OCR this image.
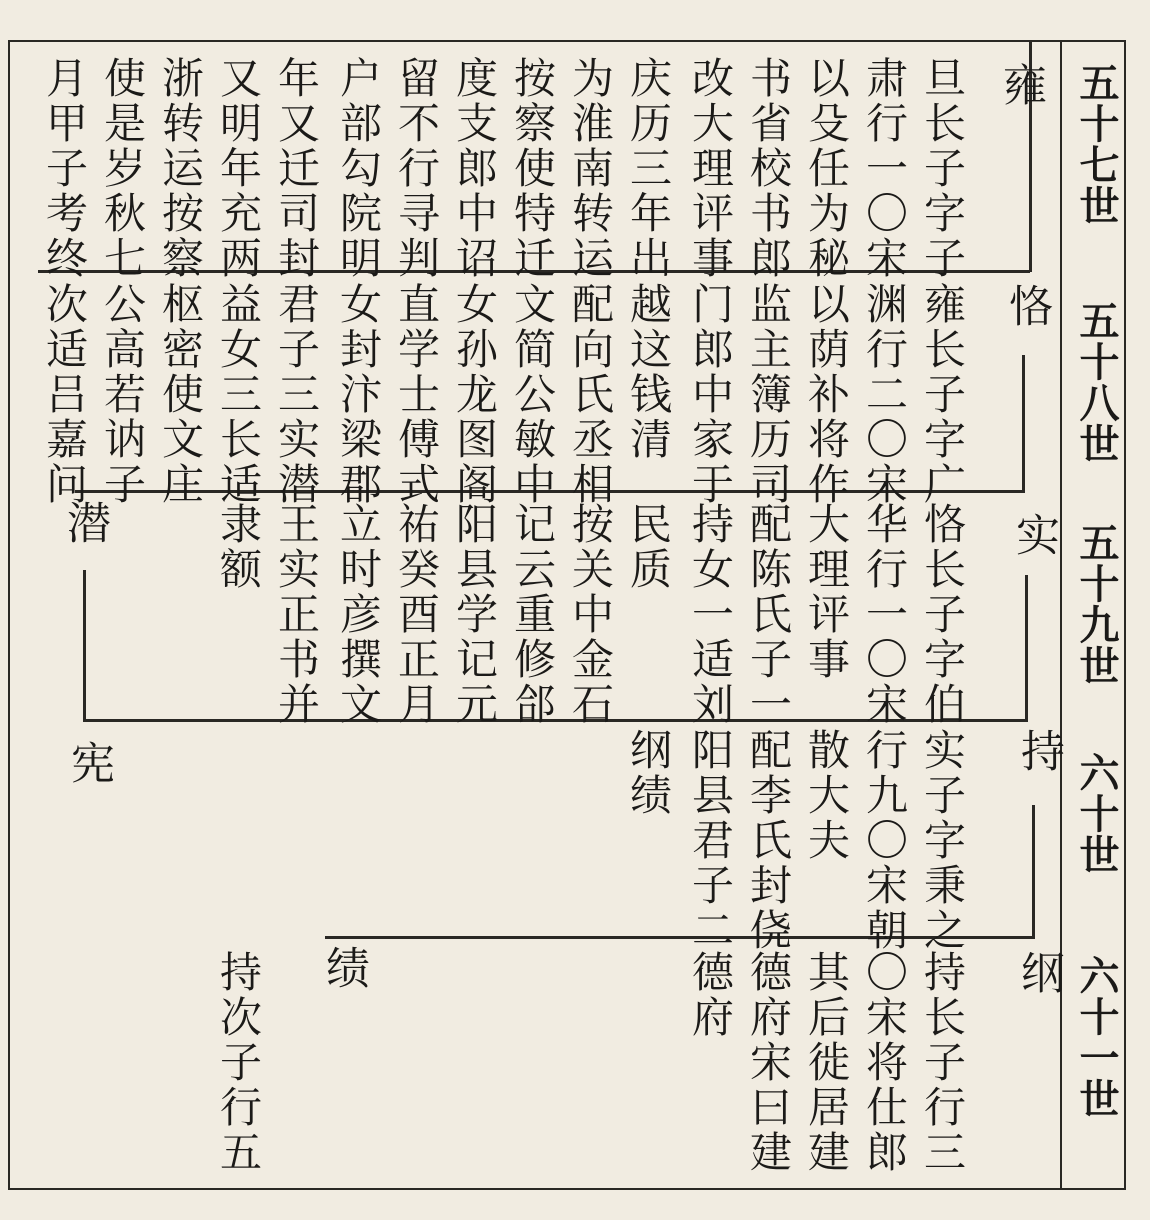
五十七世
五十八世
五十九世
六十世
六十一世
雍
恪
实
持
纲
潜
宪
绩
旦长子字子
肃行一〇宋
以殳任为秘
书省校书郎
改大理评事
庆历三年出
为淮南转运
按察使特迁
度支郎中诏
留不行寻判
户部勾院明
年又迁司封
又明年充两
浙转运按察
使是岁秋七
月甲子考终
雍长子字广
渊行二〇宋
以荫补将作
监主簿历司
门郎中家于
越这钱清
配向氏丞相
文简公敏中
女孙龙图阁
直学士傅式
女封汴梁郡
君子三实潜
益女三长适
枢密使文庄
公高若讷子
次适吕嘉问
恪长子字伯
华行一〇宋
大理评事
配陈氏子一
持女一适刘
民质
按关中金石
记云重修郃
阳县学记元
祐癸酉正月
立时彦撰文
王实正书并
隶额
实子字秉之
行九〇宋朝
散大夫
配李氏封侥
阳县君子二
纲绩
持长子行三
〇宋将仕郎
其后徙居建
德府宋曰建
德府
持次子行五
